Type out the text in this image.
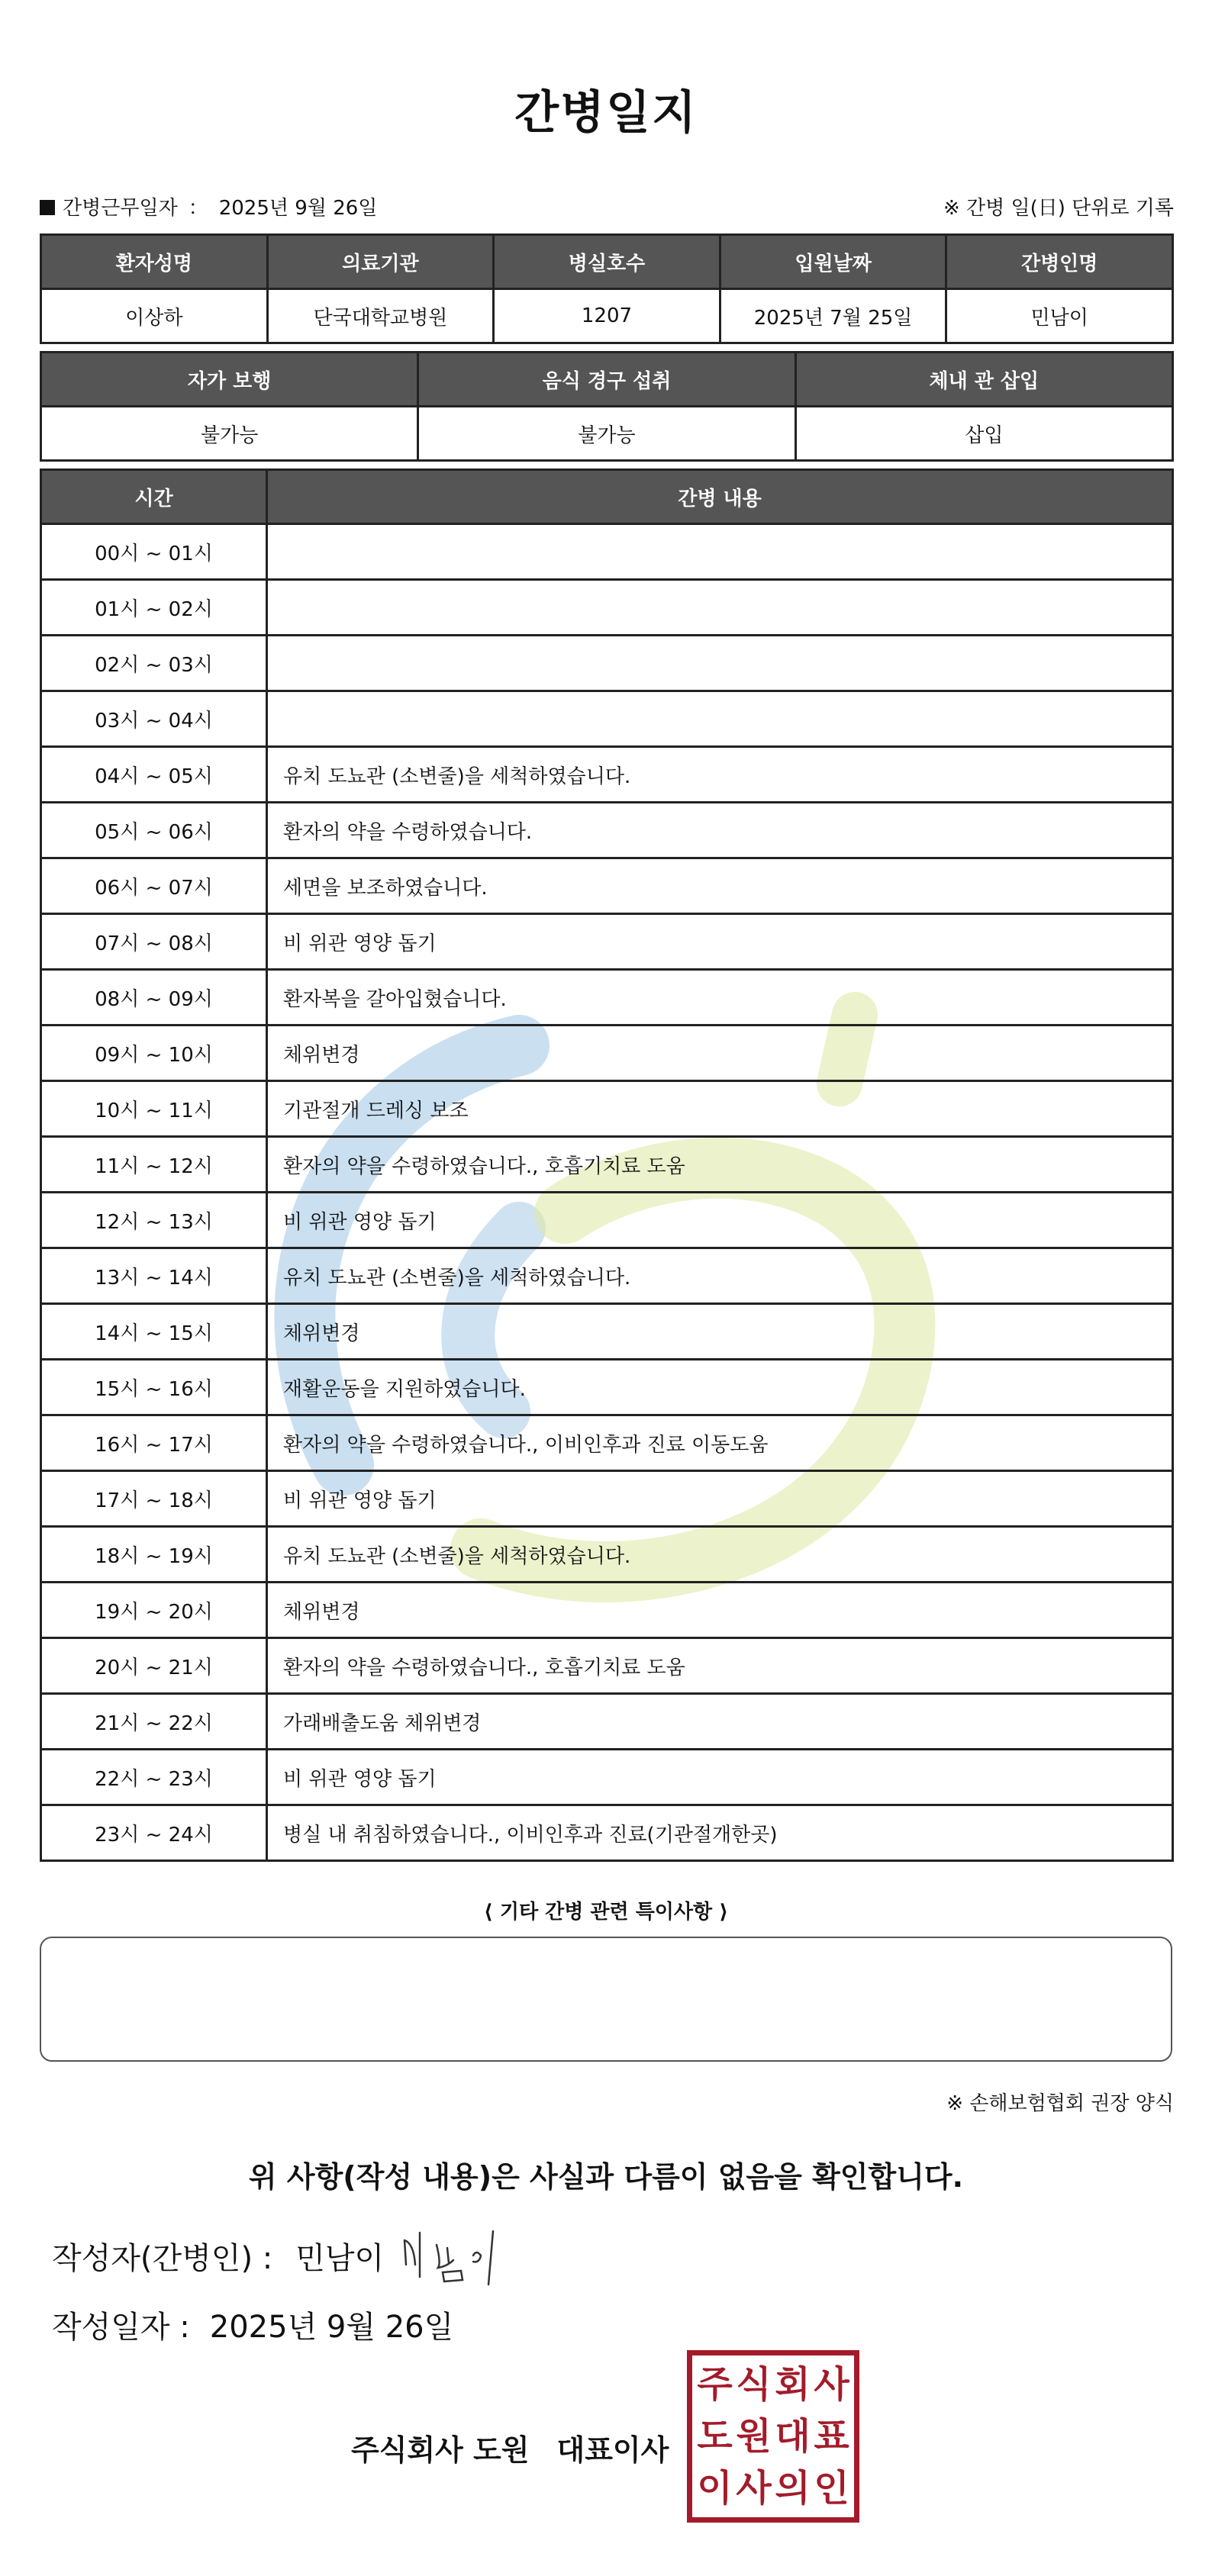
간병일지
간병근무일자 ： 2025년 9월 26일	※ 간병 일(日) 단위로 기록
환자성명	의료기관	병실호수	입원날짜	간병인명
이상하	단국대학교병원	1207	2025년 7월 25일	민남이
자가 보행	음식 경구 섭취	체내 관 삽입
불가능	불가능	삽입
시간	간병 내용
00시 ~ 01시	
01시 ~ 02시	
02시 ~ 03시	
03시 ~ 04시	
04시 ~ 05시	유치 도뇨관 (소변줄)을 세척하였습니다.
05시 ~ 06시	환자의 약을 수령하였습니다.
06시 ~ 07시	세면을 보조하였습니다.
07시 ~ 08시	비 위관 영양 돕기
08시 ~ 09시	환자복을 갈아입혔습니다.
09시 ~ 10시	체위변경
10시 ~ 11시	기관절개 드레싱 보조
11시 ~ 12시	환자의 약을 수령하였습니다., 호흡기치료 도움
12시 ~ 13시	비 위관 영양 돕기
13시 ~ 14시	유치 도뇨관 (소변줄)을 세척하였습니다.
14시 ~ 15시	체위변경
15시 ~ 16시	재활운동을 지원하였습니다.
16시 ~ 17시	환자의 약을 수령하였습니다., 이비인후과 진료 이동도움
17시 ~ 18시	비 위관 영양 돕기
18시 ~ 19시	유치 도뇨관 (소변줄)을 세척하였습니다.
19시 ~ 20시	체위변경
20시 ~ 21시	환자의 약을 수령하였습니다., 호흡기치료 도움
21시 ~ 22시	가래배출도움 체위변경
22시 ~ 23시	비 위관 영양 돕기
23시 ~ 24시	병실 내 취침하였습니다., 이비인후과 진료(기관절개한곳)
⟨ 기타 간병 관련 특이사항 ⟩
※ 손해보험협회 권장 양식
위 사항(작성 내용)은 사실과 다름이 없음을 확인합니다.
작성자(간병인) : 민남이
작성일자 : 2025년 9월 26일
주식회사 도원 대표이사
주 식 회 사
도 원 대 표
이 사 의 인
